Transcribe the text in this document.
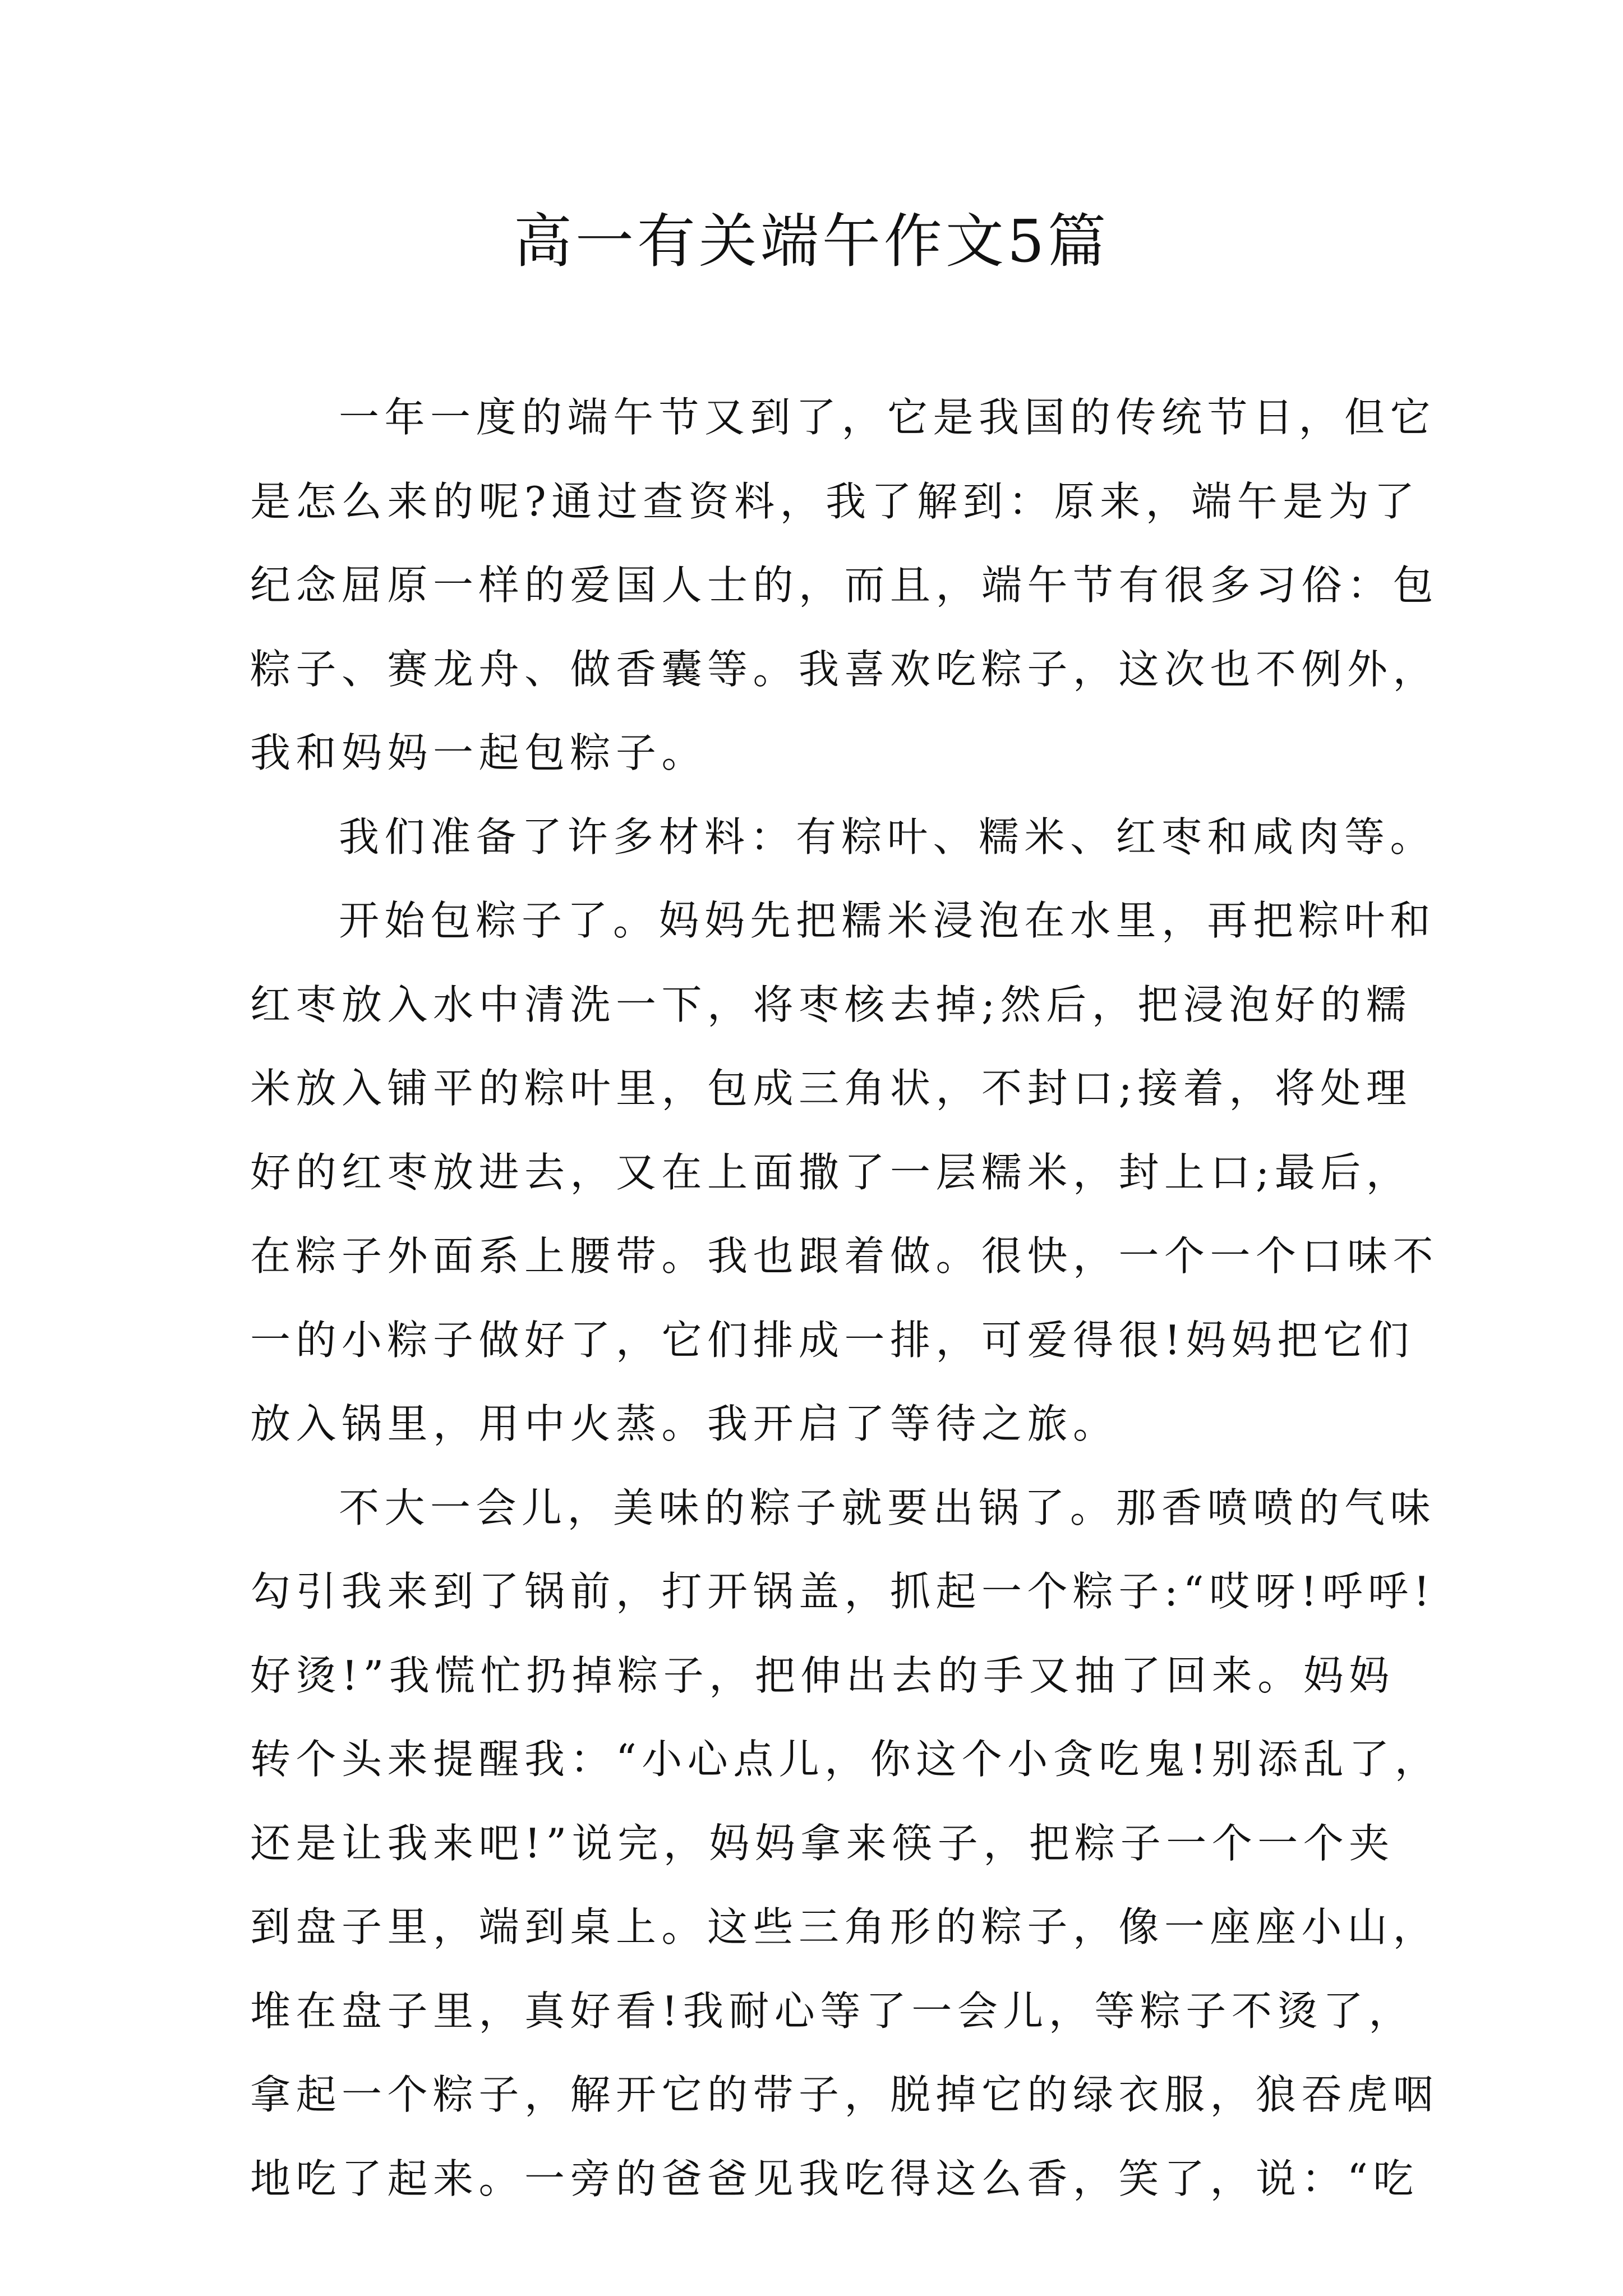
高一有关端午作文5篇
一年一度的端午节又到了，它是我国的传统节日，但它
是怎么来的呢?通过查资料，我了解到：原来，端午是为了
纪念屈原一样的爱国人士的，而且，端午节有很多习俗：包
粽子、赛龙舟、做香囊等。我喜欢吃粽子，这次也不例外，
我和妈妈一起包粽子。
我们准备了许多材料：有粽叶、糯米、红枣和咸肉等。
开始包粽子了。妈妈先把糯米浸泡在水里，再把粽叶和
红枣放入水中清洗一下，将枣核去掉;然后，把浸泡好的糯
米放入铺平的粽叶里，包成三角状，不封口;接着，将处理
好的红枣放进去，又在上面撒了一层糯米，封上口;最后，
在粽子外面系上腰带。我也跟着做。很快，一个一个口味不
一的小粽子做好了，它们排成一排，可爱得很!妈妈把它们
放入锅里，用中火蒸。我开启了等待之旅。
不大一会儿，美味的粽子就要出锅了。那香喷喷的气味
勾引我来到了锅前，打开锅盖，抓起一个粽子:“哎呀!呼呼!
好烫!”我慌忙扔掉粽子，把伸出去的手又抽了回来。妈妈
转个头来提醒我：“小心点儿，你这个小贪吃鬼!别添乱了，
还是让我来吧!”说完，妈妈拿来筷子，把粽子一个一个夹
到盘子里，端到桌上。这些三角形的粽子，像一座座小山，
堆在盘子里，真好看!我耐心等了一会儿，等粽子不烫了，
拿起一个粽子，解开它的带子，脱掉它的绿衣服，狼吞虎咽
地吃了起来。一旁的爸爸见我吃得这么香，笑了，说：“吃
